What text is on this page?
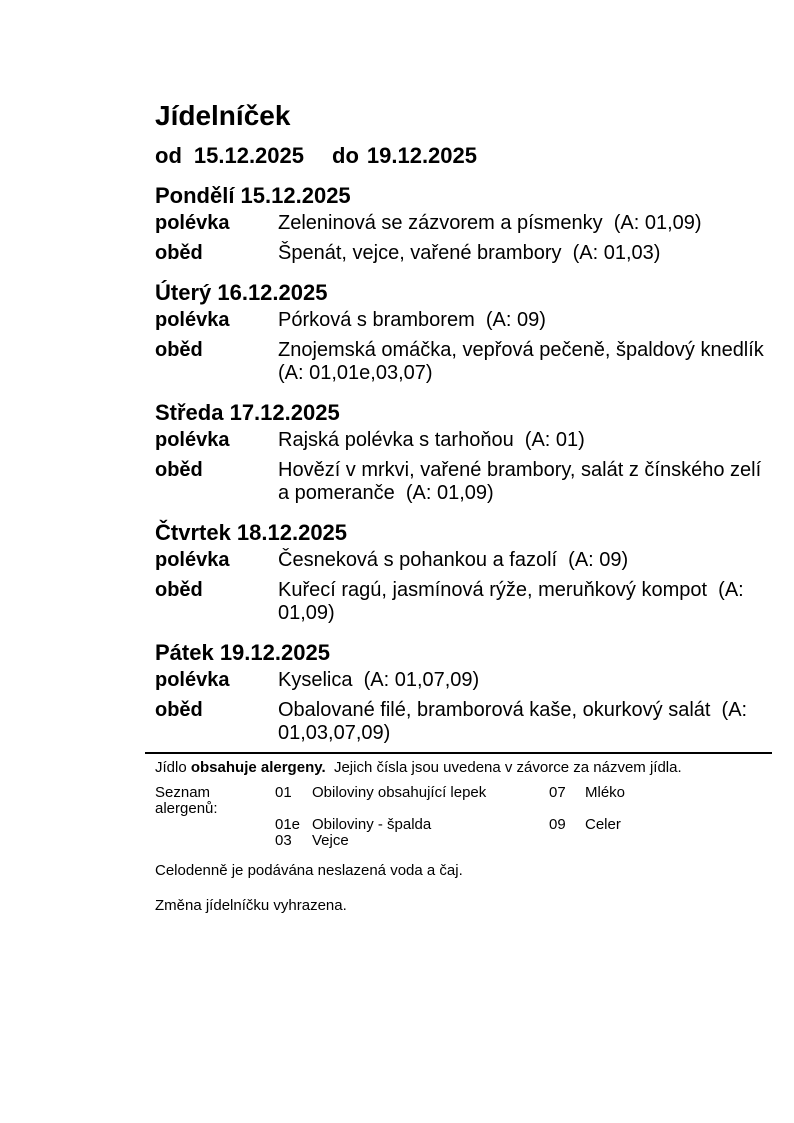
Jídelníček
od 15.12.2025 do 19.12.2025
Pondělí 15.12.2025
polévka	Zeleninová se zázvorem a písmenky  (A: 01,09)
oběd	Špenát, vejce, vařené brambory  (A: 01,03)
Úterý 16.12.2025
polévka	Pórková s bramborem  (A: 09)
oběd	Znojemská omáčka, vepřová pečeně, špaldový knedlík  (A: 01,01e,03,07)
Středa 17.12.2025
polévka	Rajská polévka s tarhoňou  (A: 01)
oběd	Hovězí v mrkvi, vařené brambory, salát z čínského zelí a pomeranče  (A: 01,09)
Čtvrtek 18.12.2025
polévka	Česneková s pohankou a fazolí  (A: 09)
oběd	Kuřecí ragú, jasmínová rýže, meruňkový kompot  (A: 01,09)
Pátek 19.12.2025
polévka	Kyselica  (A: 01,07,09)
oběd	Obalované filé, bramborová kaše, okurkový salát  (A: 01,03,07,09)

Jídlo obsahuje alergeny.  Jejich čísla jsou uvedena v závorce za názvem jídla.

Seznam alergenů:
01	Obiloviny obsahující lepek	07	Mléko
01e Obiloviny - špalda	09	Celer
03	Vejce

Celodenně je podávána neslazená voda a čaj.

Změna jídelníčku vyhrazena.
